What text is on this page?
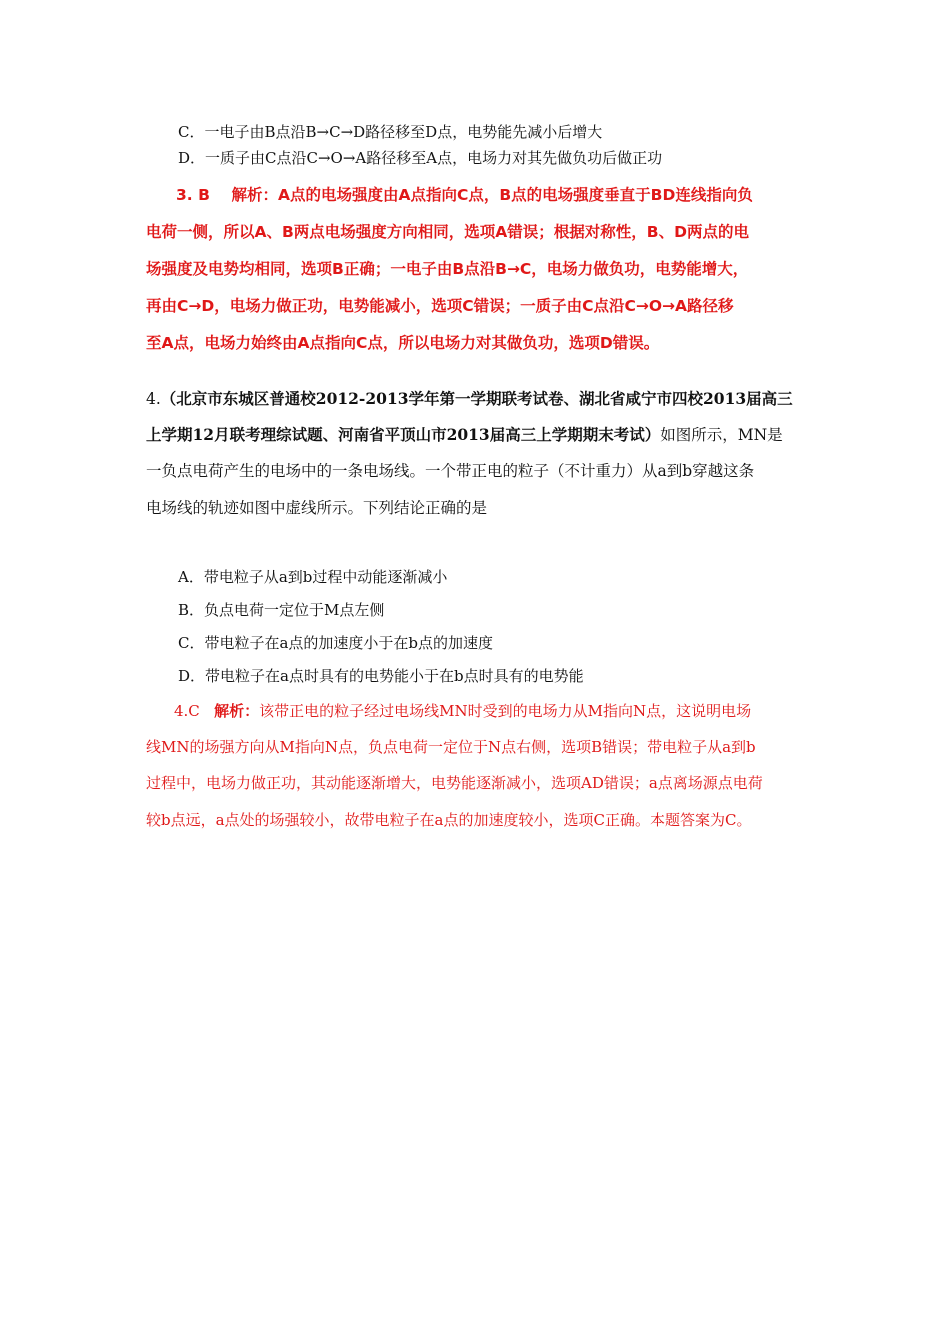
C．一电子由B点沿B→C→D路径移至D点，电势能先减小后增大
D．一质子由C点沿C→O→A路径移至A点，电场力对其先做负功后做正功
3. B 解析：A点的电场强度由A点指向C点，B点的电场强度垂直于BD连线指向负
电荷一侧，所以A、B两点电场强度方向相同，选项A错误；根据对称性，B、D两点的电
场强度及电势均相同，选项B正确；一电子由B点沿B→C，电场力做负功，电势能增大，
再由C→D，电场力做正功，电势能减小，选项C错误；一质子由C点沿C→O→A路径移
至A点，电场力始终由A点指向C点，所以电场力对其做负功，选项D错误。
4.（北京市东城区普通校2012-2013学年第一学期联考试卷、湖北省咸宁市四校2013届高三
上学期12月联考理综试题、河南省平顶山市2013届高三上学期期末考试）如图所示，MN是
一负点电荷产生的电场中的一条电场线。一个带正电的粒子（不计重力）从a到b穿越这条
电场线的轨迹如图中虚线所示。下列结论正确的是
A．带电粒子从a到b过程中动能逐渐减小
B．负点电荷一定位于M点左侧
C．带电粒子在a点的加速度小于在b点的加速度
D．带电粒子在a点时具有的电势能小于在b点时具有的电势能
4.C 解析：该带正电的粒子经过电场线MN时受到的电场力从M指向N点，这说明电场
线MN的场强方向从M指向N点，负点电荷一定位于N点右侧，选项B错误；带电粒子从a到b
过程中，电场力做正功，其动能逐渐增大，电势能逐渐减小，选项AD错误；a点离场源点电荷
较b点远，a点处的场强较小，故带电粒子在a点的加速度较小，选项C正确。本题答案为C。
